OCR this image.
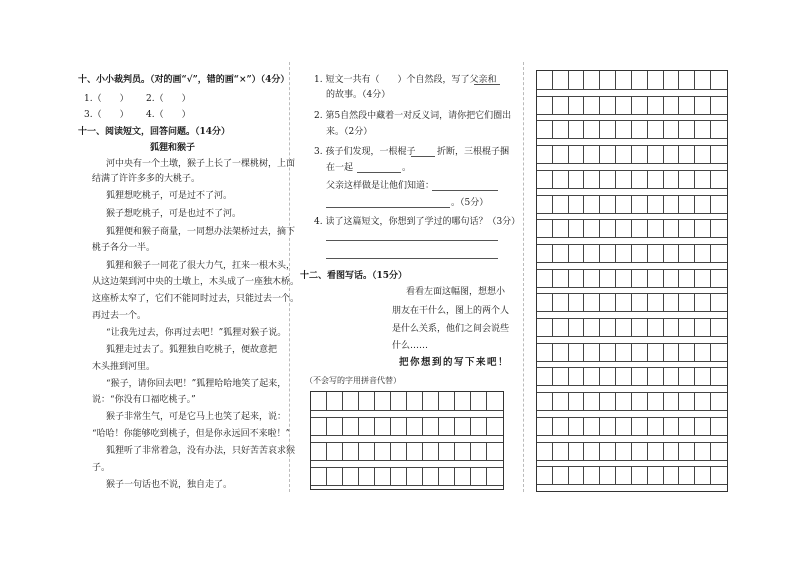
十、小小裁判员。（对的画“√”，错的画“×”）（4分）
1.（　　） 2.（　　）
3.（　　） 4.（　　）
十一、阅读短文，回答问题。（14分）
狐狸和猴子
河中央有一个土墩，猴子上长了一棵桃树，上面
结满了许许多多的大桃子。
狐狸想吃桃子，可是过不了河。
猴子想吃桃子，可是也过不了河。
狐狸便和猴子商量，一同想办法架桥过去，摘下
桃子各分一半。
狐狸和猴子一同花了很大力气，扛来一根木头，
从这边架到河中央的土墩上，木头成了一座独木桥。
这座桥太窄了，它们不能同时过去，只能过去一个。
再过去一个。
“让我先过去，你再过去吧！”狐狸对猴子说。
狐狸走过去了。狐狸独自吃桃子，便故意把
木头推到河里。
“猴子，请你回去吧！”狐狸哈哈地笑了起来，
说：“你没有口福吃桃子。”
猴子非常生气，可是它马上也笑了起来，说：
“哈哈！你能够吃到桃子，但是你永远回不来啦！”
狐狸听了非常着急，没有办法，只好苦苦哀求猴
子。
猴子一句话也不说，独自走了。
1. 短文一共有（　　）个自然段，写了父亲和
的故事。（4分）
2. 第5自然段中藏着一对反义词，请你把它们圈出
来。（2分）
3. 孩子们发现，一根棍子 折断，三根棍子捆
在一起	。
父亲这样做是让他们知道：
。（5分）
4. 读了这篇短文，你想到了学过的哪句话？（3分）
十二、看图写话。（15分）
看看左面这幅图，想想小
朋友在干什么，图上的两个人
是什么关系，他们之间会说些
什么……
把你想到的写下来吧！
（不会写的字用拼音代替）
